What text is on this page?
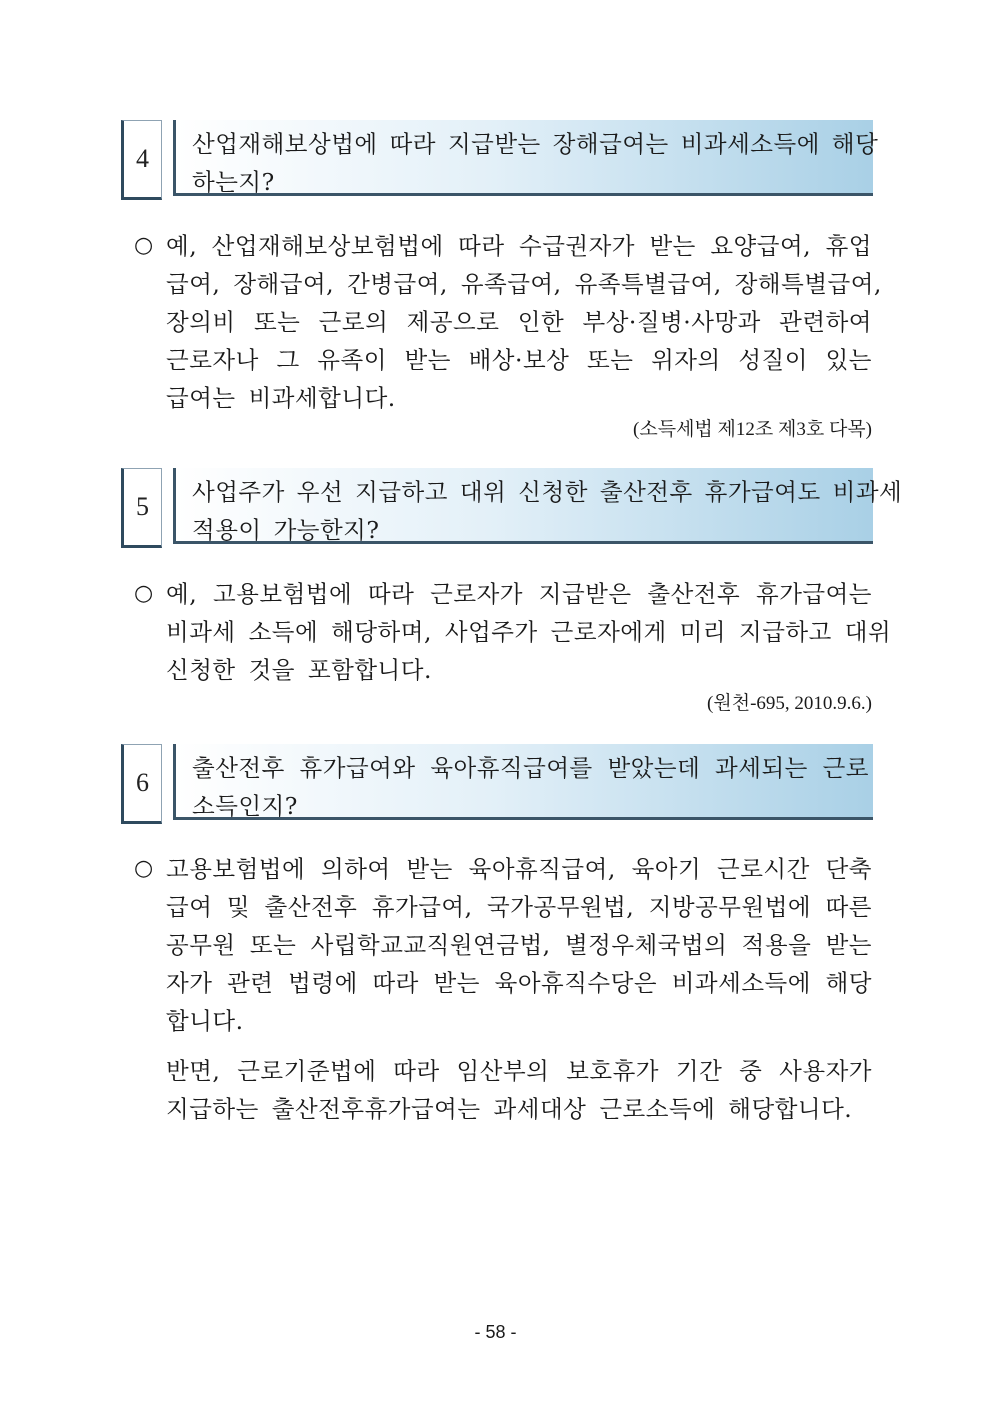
4	산업재해보상법에 따라 지급받는 장해급여는 비과세소득에 해당
하는지?
○ 예, 산업재해보상보험법에 따라 수급권자가 받는 요양급여, 휴업
급여, 장해급여, 간병급여, 유족급여, 유족특별급여, 장해특별급여,
장의비 또는 근로의 제공으로 인한 부상·질병·사망과 관련하여
근로자나 그 유족이 받는 배상·보상 또는 위자의 성질이 있는
급여는 비과세합니다.
(소득세법 제12조 제3호 다목)
5	사업주가 우선 지급하고 대위 신청한 출산전후 휴가급여도 비과세
적용이 가능한지?
○ 예, 고용보험법에 따라 근로자가 지급받은 출산전후 휴가급여는
비과세 소득에 해당하며, 사업주가 근로자에게 미리 지급하고 대위
신청한 것을 포함합니다.
(원천-695, 2010.9.6.)
6	출산전후 휴가급여와 육아휴직급여를 받았는데 과세되는 근로
소득인지?
○ 고용보험법에 의하여 받는 육아휴직급여, 육아기 근로시간 단축
급여 및 출산전후 휴가급여, 국가공무원법, 지방공무원법에 따른
공무원 또는 사립학교교직원연금법, 별정우체국법의 적용을 받는
자가 관련 법령에 따라 받는 육아휴직수당은 비과세소득에 해당
합니다.
반면, 근로기준법에 따라 임산부의 보호휴가 기간 중 사용자가
지급하는 출산전후휴가급여는 과세대상 근로소득에 해당합니다.
- 58 -
